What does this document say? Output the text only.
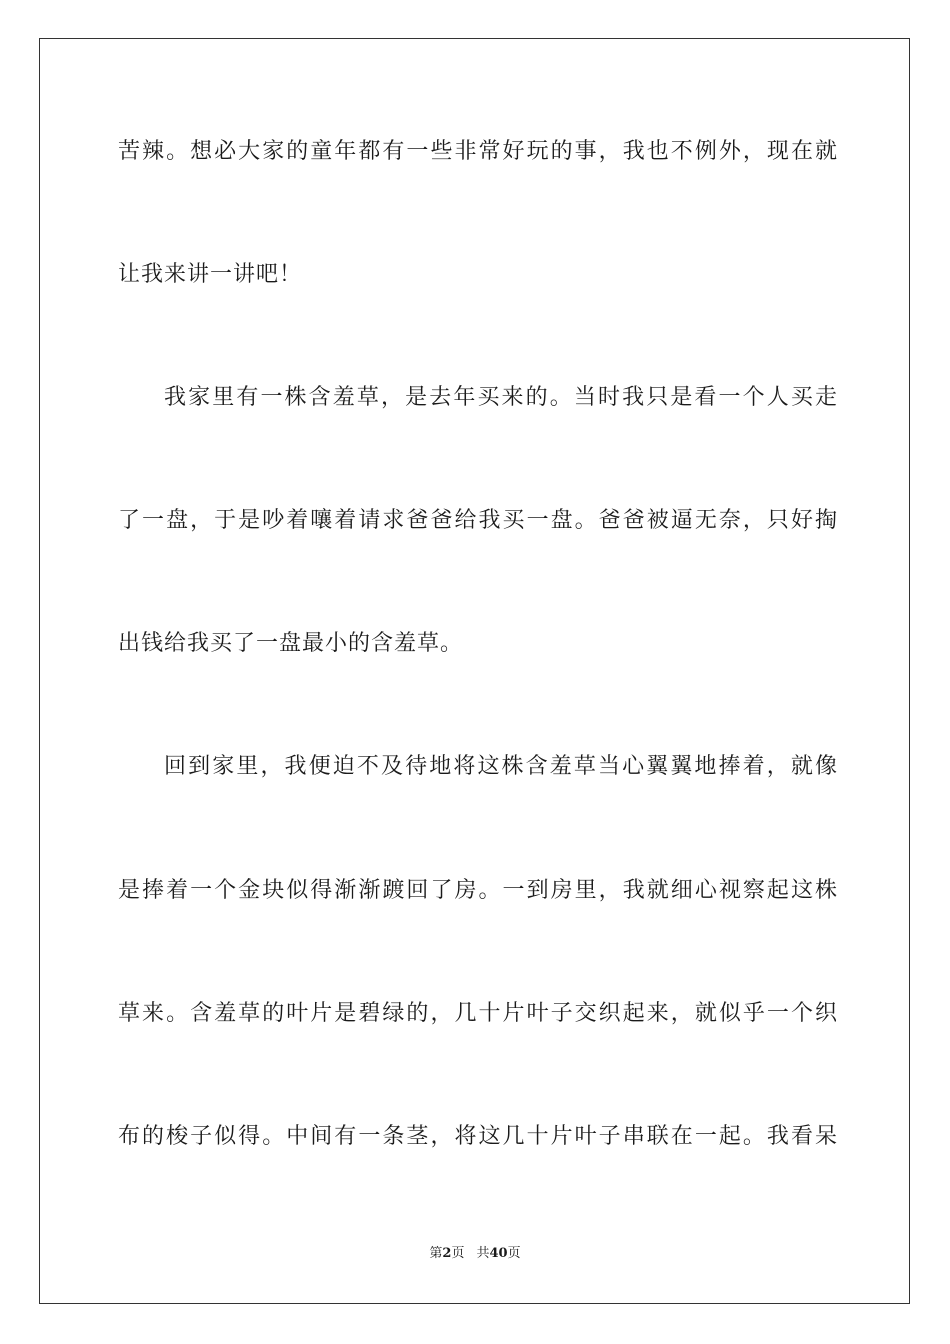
苦辣。想必大家的童年都有一些非常好玩的事，我也不例外，现在就
让我来讲一讲吧！
我家里有一株含羞草，是去年买来的。当时我只是看一个人买走
了一盘，于是吵着嚷着请求爸爸给我买一盘。爸爸被逼无奈，只好掏
出钱给我买了一盘最小的含羞草。
回到家里，我便迫不及待地将这株含羞草当心翼翼地捧着，就像
是捧着一个金块似得渐渐踱回了房。一到房里，我就细心视察起这株
草来。含羞草的叶片是碧绿的，几十片叶子交织起来，就似乎一个织
布的梭子似得。中间有一条茎，将这几十片叶子串联在一起。我看呆
第2页 共40页
